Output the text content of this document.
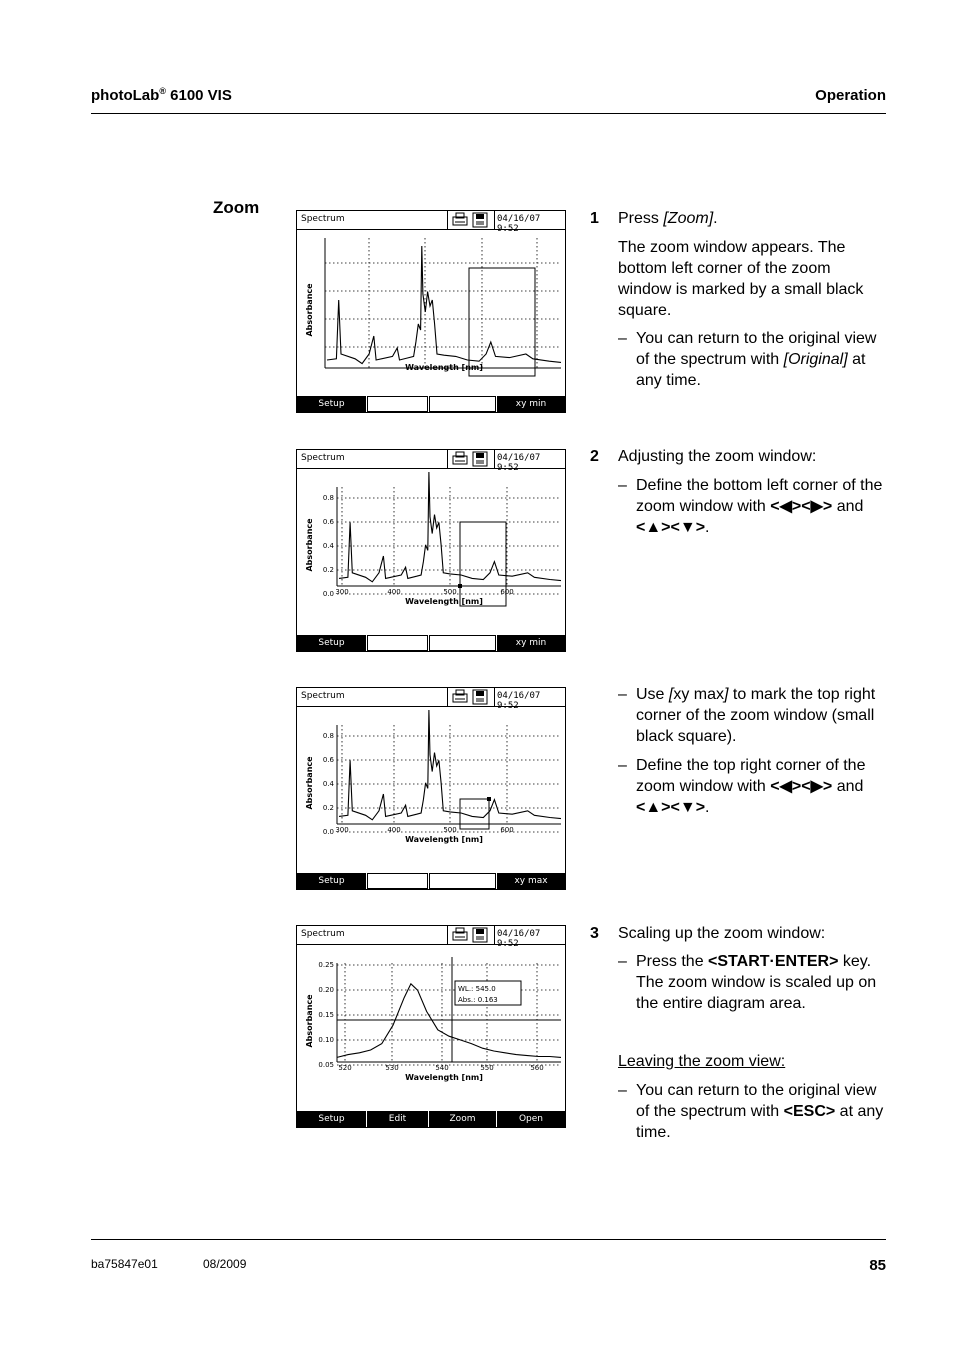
photoLab® 6100 VIS	Operation
Zoom
Spectrum	04/16/07 9:52
Wavelength [nm]
Absorbance
Setup	xy min
Spectrum	04/16/07 9:52
0.8
0.6
0.4
0.2
0.0 300	400	500	600
Wavelength [nm]
Absorbance
Setup	xy min
Spectrum	04/16/07 9:52
0.8
0.6
0.4
0.2
0.0 300	400	500	600
Wavelength [nm]
Absorbance
Setup	xy max
Spectrum	04/16/07 9:52
0.25
0.20
0.15
0.10
0.05 520	530	540	550	560
Wavelength [nm]
Absorbance
WL.: 545.0
Abs.: 0.163
Setup	Edit	Zoom	Open
1 Press [Zoom].
The zoom window appears. The bottom left corner of the zoom window is marked by a small black square.
– You can return to the original view of the spectrum with [Original] at any time.
2 Adjusting the zoom window:
– Define the bottom left corner of the zoom window with <◀><▶> and <▲><▼>.
– Use [xy max] to mark the top right corner of the zoom window (small black square).
– Define the top right corner of the zoom window with <◀><▶> and <▲><▼>.
3 Scaling up the zoom window:
– Press the <START·ENTER> key. The zoom window is scaled up on the entire diagram area.
Leaving the zoom view:
– You can return to the original view of the spectrum with <ESC> at any time.
ba75847e01	08/2009	85
